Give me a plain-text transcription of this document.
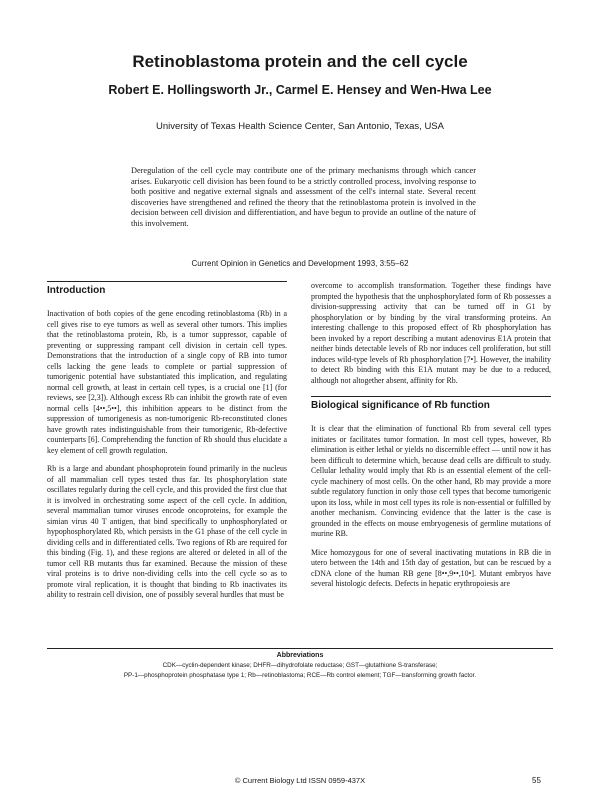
Retinoblastoma protein and the cell cycle
Robert E. Hollingsworth Jr., Carmel E. Hensey and Wen-Hwa Lee
University of Texas Health Science Center, San Antonio, Texas, USA

Deregulation of the cell cycle may contribute one of the primary mechanisms through which cancer arises. Eukaryotic cell division has been found to be a strictly controlled process, involving response to both positive and negative external signals and assessment of the cell's internal state. Several recent discoveries have strengthened and refined the theory that the retinoblastoma protein is involved in the decision between cell division and differentiation, and have begun to provide an outline of the nature of this involvement.

Current Opinion in Genetics and Development 1993, 3:55–62
Introduction

Inactivation of both copies of the gene encoding retinoblastoma (Rb) in a cell gives rise to eye tumors as well as several other tumors. This implies that the retinoblastoma protein, Rb, is a tumor suppressor, capable of preventing or suppressing rampant cell division in certain cell types. Demonstrations that the introduction of a single copy of RB into tumor cells lacking the gene leads to complete or partial suppression of tumorigenic potential have substantiated this implication, and regulating normal cell growth, at least in certain cell types, is a crucial one [1] (for reviews, see [2,3]). Although excess Rb can inhibit the growth rate of even normal cells [4••,5••], this inhibition appears to be distinct from the suppression of tumorigenesis as non-tumorigenic Rb-reconstituted clones have growth rates indistinguishable from their tumorigenic, Rb-defective counterparts [6]. Comprehending the function of Rb should thus elucidate a key element of cell growth regulation.

Rb is a large and abundant phosphoprotein found primarily in the nucleus of all mammalian cell types tested thus far. Its phosphorylation state oscillates regularly during the cell cycle, and this provided the first clue that it is involved in orchestrating some aspect of the cell cycle. In addition, several mammalian tumor viruses encode oncoproteins, for example the simian virus 40 T antigen, that bind specifically to unphosphorylated or hypophosphorylated Rb, which persists in the G1 phase of the cell cycle in dividing cells and in differentiated cells. Two regions of Rb are required for this binding (Fig. 1), and these regions are altered or deleted in all of the tumor cell RB mutants thus far examined. Because the mission of these viral proteins is to drive non-dividing cells into the cell cycle so as to promote viral replication, it is thought that binding to Rb inactivates its ability to restrain cell division, one of possibly several hurdles that must be

overcome to accomplish transformation. Together these findings have prompted the hypothesis that the unphosphorylated form of Rb possesses a division-suppressing activity that can be turned off in G1 by phosphorylation or by binding by the viral transforming proteins. An interesting challenge to this proposed effect of Rb phosphorylation has been invoked by a report describing a mutant adenovirus E1A protein that neither binds detectable levels of Rb nor induces cell proliferation, but still induces wild-type levels of Rb phosphorylation [7•]. However, the inability to detect Rb binding with this E1A mutant may be due to a reduced, although not altogether absent, affinity for Rb.

Biological significance of Rb function

It is clear that the elimination of functional Rb from several cell types initiates or facilitates tumor formation. In most cell types, however, Rb elimination is either lethal or yields no discernible effect — until now it has been difficult to determine which, because dead cells are difficult to study. Cellular lethality would imply that Rb is an essential element of the cell-cycle machinery of most cells. On the other hand, Rb may provide a more subtle regulatory function in only those cell types that become tumorigenic upon its loss, while in most cell types its role is non-essential or fulfilled by another mechanism. Convincing evidence that the latter is the case is grounded in the effects on mouse embryogenesis of germline mutations of murine RB.

Mice homozygous for one of several inactivating mutations in RB die in utero between the 14th and 15th day of gestation, but can be rescued by a cDNA clone of the human RB gene [8••,9••,10•]. Mutant embryos have several histologic defects. Defects in hepatic erythropoiesis are

Abbreviations
CDK—cyclin-dependent kinase; DHFR—dihydrofolate reductase; GST—glutathione S-transferase;
PP-1—phosphoprotein phosphatase type 1; Rb—retinoblastoma; RCE—Rb control element; TGF—transforming growth factor.
© Current Biology Ltd ISSN 0959-437X	55
